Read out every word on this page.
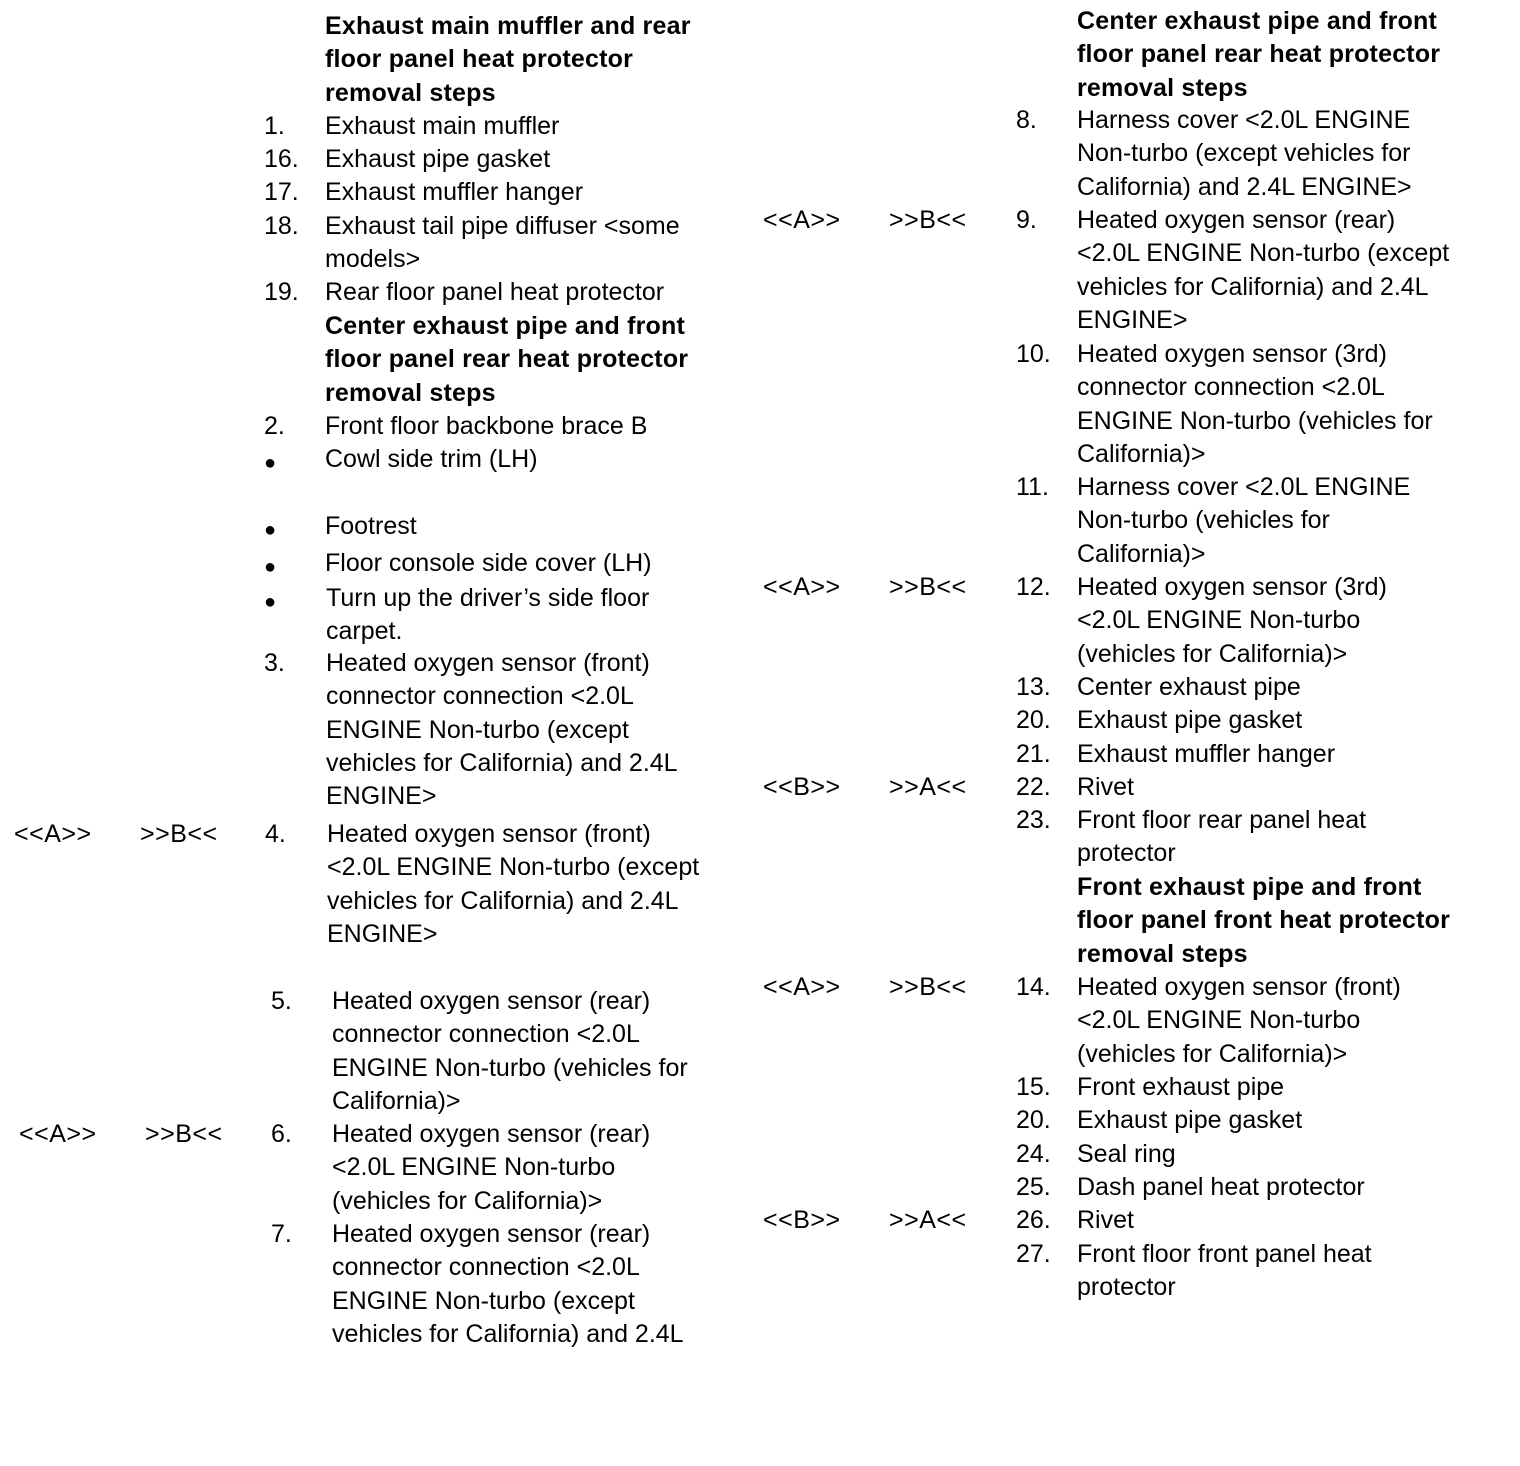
Exhaust main muffler and rear
floor panel heat protector
removal steps
1. Exhaust main muffler
16. Exhaust pipe gasket
17. Exhaust muffler hanger
18. Exhaust tail pipe diffuser <some
models>
19. Rear floor panel heat protector
Center exhaust pipe and front
floor panel rear heat protector
removal steps
2. Front floor backbone brace B
● Cowl side trim (LH)
● Footrest
● Floor console side cover (LH)
● Turn up the driver’s side floor
carpet.
3. Heated oxygen sensor (front)
connector connection <2.0L
ENGINE Non-turbo (except
vehicles for California) and 2.4L
ENGINE>
<<A>> >>B<< 4. Heated oxygen sensor (front)
<2.0L ENGINE Non-turbo (except
vehicles for California) and 2.4L
ENGINE>
5. Heated oxygen sensor (rear)
connector connection <2.0L
ENGINE Non-turbo (vehicles for
California)>
<<A>> >>B<< 6. Heated oxygen sensor (rear)
<2.0L ENGINE Non-turbo
(vehicles for California)>
7. Heated oxygen sensor (rear)
connector connection <2.0L
ENGINE Non-turbo (except
vehicles for California) and 2.4L
Center exhaust pipe and front
floor panel rear heat protector
removal steps
8. Harness cover <2.0L ENGINE
Non-turbo (except vehicles for
California) and 2.4L ENGINE>
<<A>> >>B<< 9. Heated oxygen sensor (rear)
<2.0L ENGINE Non-turbo (except
vehicles for California) and 2.4L
ENGINE>
10. Heated oxygen sensor (3rd)
connector connection <2.0L
ENGINE Non-turbo (vehicles for
California)>
11. Harness cover <2.0L ENGINE
Non-turbo (vehicles for
California)>
<<A>> >>B<< 12. Heated oxygen sensor (3rd)
<2.0L ENGINE Non-turbo
(vehicles for California)>
13. Center exhaust pipe
20. Exhaust pipe gasket
21. Exhaust muffler hanger
<<B>> >>A<< 22. Rivet
23. Front floor rear panel heat
protector
Front exhaust pipe and front
floor panel front heat protector
removal steps
<<A>> >>B<< 14. Heated oxygen sensor (front)
<2.0L ENGINE Non-turbo
(vehicles for California)>
15. Front exhaust pipe
20. Exhaust pipe gasket
24. Seal ring
25. Dash panel heat protector
<<B>> >>A<< 26. Rivet
27. Front floor front panel heat
protector
